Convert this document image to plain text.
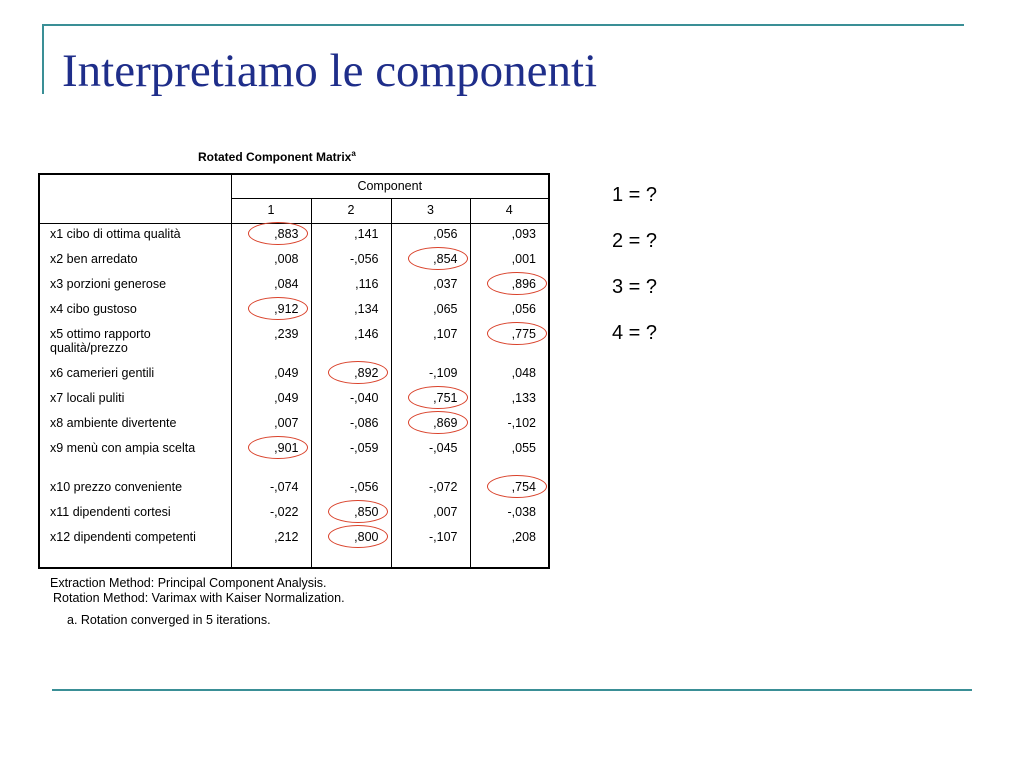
Interpretiamo le componenti
Rotated Component Matrix$^a$
	Component			
	1	2	3	4
x1 cibo di ottima qualità	,883	,141	,056	,093
x2 ben arredato	,008	-,056	,854	,001
x3 porzioni generose	,084	,116	,037	,896
x4 cibo gustoso	,912	,134	,065	,056
x5 ottimo rapporto qualità/prezzo	,239	,146	,107	,775
x6 camerieri gentili	,049	,892	-,109	,048
x7 locali puliti	,049	-,040	,751	,133
x8 ambiente divertente	,007	-,086	,869	-,102
x9 menù con ampia scelta	,901	-,059	-,045	,055
x10 prezzo conveniente	-,074	-,056	-,072	,754
x11 dipendenti cortesi	-,022	,850	,007	-,038
x12 dipendenti competenti	,212	,800	-,107	,208
Extraction Method: Principal Component Analysis.
Rotation Method: Varimax with Kaiser Normalization.
a. Rotation converged in 5 iterations.
1 = ?
2 = ?
3 = ?
4 = ?
